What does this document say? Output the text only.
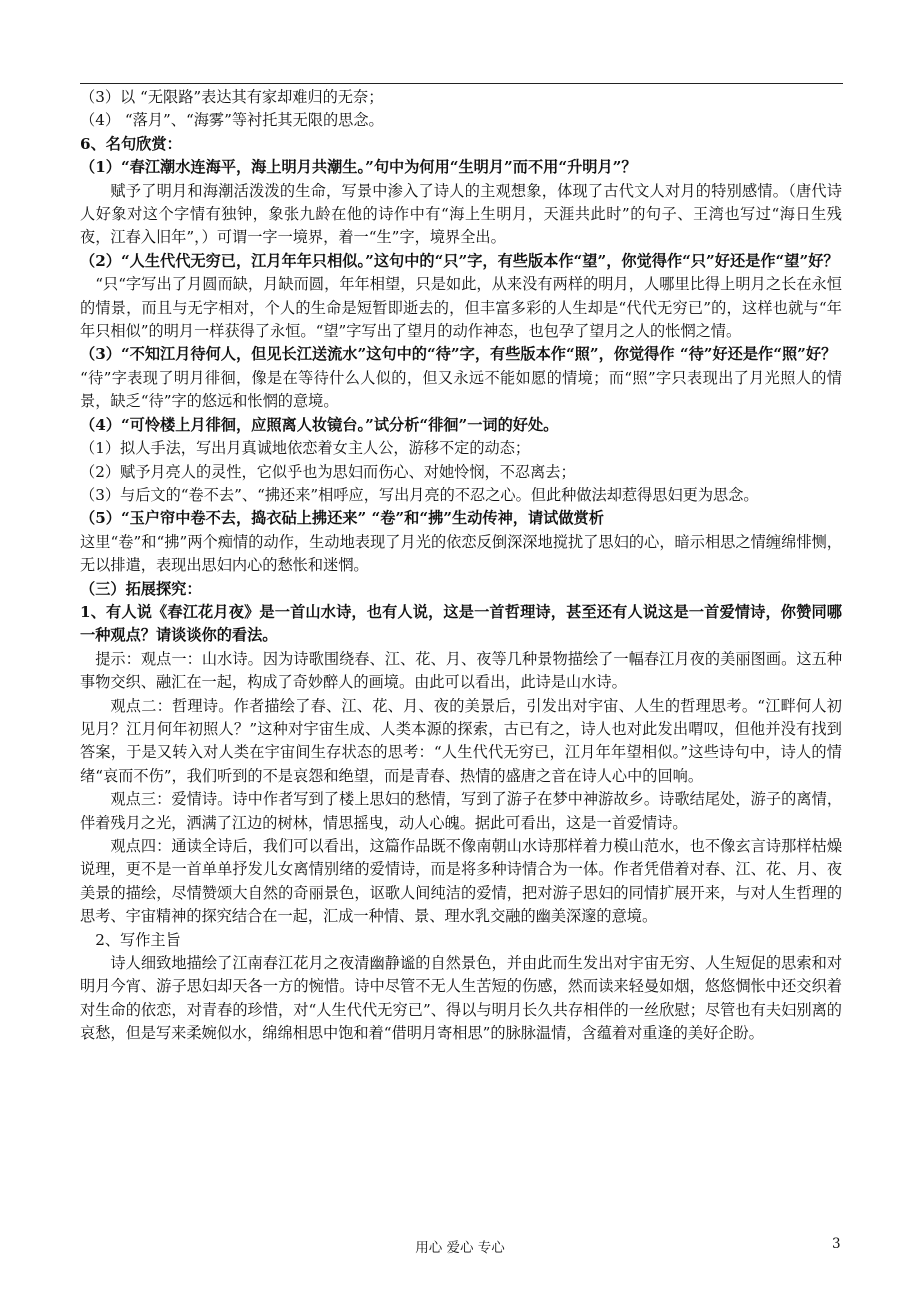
（3）以 “无限路”表达其有家却难归的无奈；

（4） “落月”、“海雾”等衬托其无限的思念。

6、名句欣赏：

（1）“春江潮水连海平，海上明月共潮生。”句中为何用“生明月”而不用“升明月”？

赋予了明月和海潮活泼泼的生命，写景中渗入了诗人的主观想象，体现了古代文人对月的特别感情。（唐代诗人好象对这个字情有独钟，象张九龄在他的诗作中有“海上生明月，天涯共此时”的句子、王湾也写过“海日生残夜，江春入旧年”，）可谓一字一境界，着一“生”字，境界全出。

（2）“人生代代无穷已，江月年年只相似。”这句中的“只”字，有些版本作“望”，你觉得作“只”好还是作“望”好？

“只“字写出了月圆而缺，月缺而圆，年年相望，只是如此，从来没有两样的明月，人哪里比得上明月之长在永恒的情景，而且与无字相对，个人的生命是短暂即逝去的，但丰富多彩的人生却是“代代无穷已”的，这样也就与“年年只相似”的明月一样获得了永恒。“望”字写出了望月的动作神态，也包孕了望月之人的怅惘之情。

（3）“不知江月待何人，但见长江送流水”这句中的“待”字，有些版本作“照”，你觉得作 “待”好还是作“照”好？

“待”字表现了明月徘徊，像是在等待什么人似的，但又永远不能如愿的情境；而“照”字只表现出了月光照人的情景，缺乏“待”字的悠远和怅惘的意境。

（4）“可怜楼上月徘徊，应照离人妆镜台。”试分析“徘徊”一词的好处。

（1）拟人手法，写出月真诚地依恋着女主人公，游移不定的动态；

（2）赋予月亮人的灵性，它似乎也为思妇而伤心、对她怜悯，不忍离去；

（3）与后文的“卷不去”、“拂还来”相呼应，写出月亮的不忍之心。但此种做法却惹得思妇更为思念。

（5）“玉户帘中卷不去，捣衣砧上拂还来” “卷”和“拂”生动传神，请试做赏析

这里“卷”和“拂”两个痴情的动作，生动地表现了月光的依恋反倒深深地搅扰了思妇的心，暗示相思之情缠绵悱恻，无以排遣，表现出思妇内心的愁怅和迷惘。

（三）拓展探究：

1、有人说《春江花月夜》是一首山水诗，也有人说，这是一首哲理诗，甚至还有人说这是一首爱情诗，你赞同哪一种观点？请谈谈你的看法。

提示：观点一：山水诗。因为诗歌围绕春、江、花、月、夜等几种景物描绘了一幅春江月夜的美丽图画。这五种事物交织、融汇在一起，构成了奇妙醉人的画境。由此可以看出，此诗是山水诗。

观点二：哲理诗。作者描绘了春、江、花、月、夜的美景后，引发出对宇宙、人生的哲理思考。“江畔何人初见月？江月何年初照人？”这种对宇宙生成、人类本源的探索，古已有之，诗人也对此发出喟叹，但他并没有找到答案，于是又转入对人类在宇宙间生存状态的思考：“人生代代无穷已，江月年年望相似。”这些诗句中，诗人的情绪“哀而不伤”，我们听到的不是哀怨和绝望，而是青春、热情的盛唐之音在诗人心中的回响。

观点三：爱情诗。诗中作者写到了楼上思妇的愁情，写到了游子在梦中神游故乡。诗歌结尾处，游子的离情，伴着残月之光，洒满了江边的树林，情思摇曳，动人心魄。据此可看出，这是一首爱情诗。

观点四：通读全诗后，我们可以看出，这篇作品既不像南朝山水诗那样着力模山范水，也不像玄言诗那样枯燥说理，更不是一首单单抒发儿女离情别绪的爱情诗，而是将多种诗情合为一体。作者凭借着对春、江、花、月、夜美景的描绘，尽情赞颂大自然的奇丽景色，讴歌人间纯洁的爱情，把对游子思妇的同情扩展开来，与对人生哲理的思考、宇宙精神的探究结合在一起，汇成一种情、景、理水乳交融的幽美深邃的意境。

2、写作主旨

诗人细致地描绘了江南春江花月之夜清幽静谧的自然景色，并由此而生发出对宇宙无穷、人生短促的思索和对明月今宵、游子思妇却天各一方的惋惜。诗中尽管不无人生苦短的伤感，然而读来轻曼如烟，悠悠惆怅中还交织着对生命的依恋，对青春的珍惜，对“人生代代无穷已”、得以与明月长久共存相伴的一丝欣慰；尽管也有夫妇别离的哀愁，但是写来柔婉似水，绵绵相思中饱和着“借明月寄相思”的脉脉温情，含蕴着对重逢的美好企盼。

用心 爱心 专心	3
